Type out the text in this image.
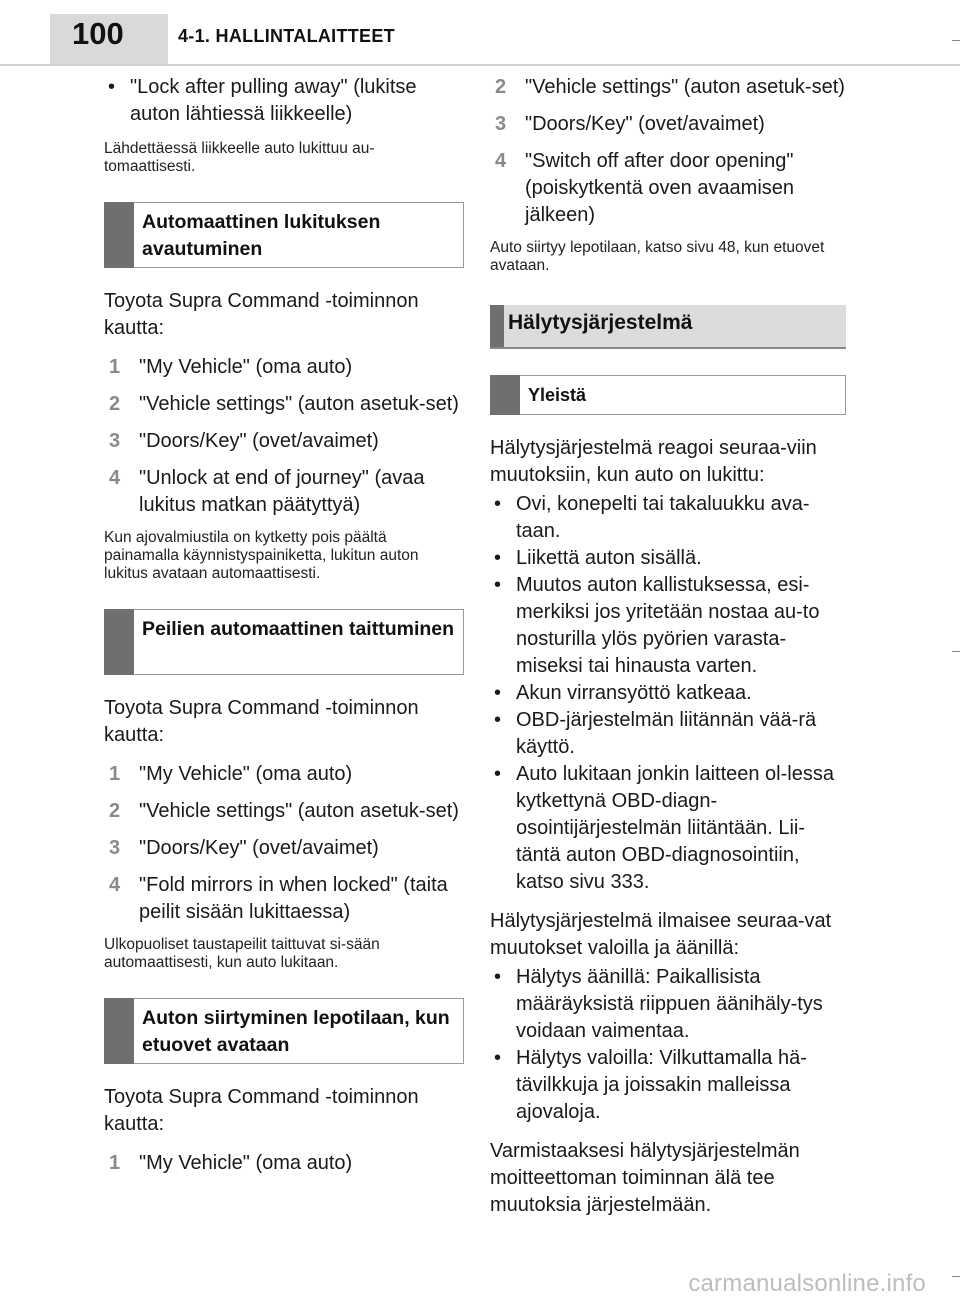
100	4-1. HALLINTALAITTEET
• "Lock after pulling away" (lukitse auton lähtiessä liikkeelle)
Lähdettäessä liikkeelle auto lukittuu au-tomaattisesti.
Automaattinen lukituksen avautuminen
Toyota Supra Command -toiminnon kautta:
1 "My Vehicle" (oma auto)
2 "Vehicle settings" (auton asetuk-set)
3 "Doors/Key" (ovet/avaimet)
4 "Unlock at end of journey" (avaa lukitus matkan päätyttyä)
Kun ajovalmiustila on kytketty pois päältä painamalla käynnistyspainiketta, lukitun auton lukitus avataan automaattisesti.
Peilien automaattinen taittuminen
Toyota Supra Command -toiminnon kautta:
1 "My Vehicle" (oma auto)
2 "Vehicle settings" (auton asetuk-set)
3 "Doors/Key" (ovet/avaimet)
4 "Fold mirrors in when locked" (taita peilit sisään lukittaessa)
Ulkopuoliset taustapeilit taittuvat si-sään automaattisesti, kun auto lukitaan.
Auton siirtyminen lepotilaan, kun etuovet avataan
Toyota Supra Command -toiminnon kautta:
1 "My Vehicle" (oma auto)
2 "Vehicle settings" (auton asetuk-set)
3 "Doors/Key" (ovet/avaimet)
4 "Switch off after door opening" (poiskytkentä oven avaamisen jälkeen)
Auto siirtyy lepotilaan, katso sivu 48, kun etuovet avataan.
Hälytysjärjestelmä
Yleistä
Hälytysjärjestelmä reagoi seuraa-viin muutoksiin, kun auto on lukittu:
• Ovi, konepelti tai takaluukku ava-taan.
• Liikettä auton sisällä.
• Muutos auton kallistuksessa, esi-merkiksi jos yritetään nostaa au-to nosturilla ylös pyörien varasta-miseksi tai hinausta varten.
• Akun virransyöttö katkeaa.
• OBD-järjestelmän liitännän vää-rä käyttö.
• Auto lukitaan jonkin laitteen ol-lessa kytkettynä OBD-diagn-osointijärjestelmän liitäntään. Lii-täntä auton OBD-diagnosointiin, katso sivu 333.
Hälytysjärjestelmä ilmaisee seuraa-vat muutokset valoilla ja äänillä:
• Hälytys äänillä: Paikallisista määräyksistä riippuen äänihäly-tys voidaan vaimentaa.
• Hälytys valoilla: Vilkuttamalla hä-tävilkkuja ja joissakin malleissa ajovaloja.
Varmistaaksesi hälytysjärjestelmän moitteettoman toiminnan älä tee muutoksia järjestelmään.
carmanualsonline.info
